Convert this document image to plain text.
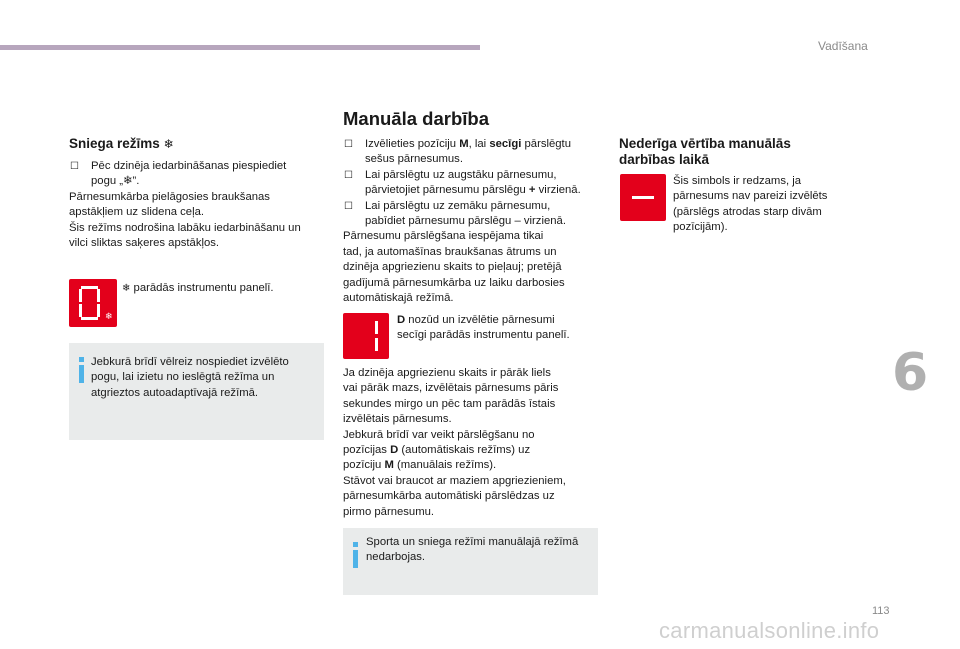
Vadīšana
Sniega režīms ❄
☐ Pēc dzinēja iedarbināšanas piespiediet

pogu „❄”.

Pārnesumkārba pielāgosies braukšanas

apstākļiem uz slidena ceļa.

Šis režīms nodrošina labāku iedarbināšanu un

vilci sliktas saķeres apstākļos.

❄
❄ parādās instrumentu panelī.

Jebkurā brīdī vēlreiz nospiediet izvēlēto

pogu, lai izietu no ieslēgtā režīma un

atgrieztos autoadaptīvajā režīmā.

Manuāla darbība
☐ Izvēlieties pozīciju M, lai secīgi pārslēgtu

sešus pārnesumus.

☐ Lai pārslēgtu uz augstāku pārnesumu,

pārvietojiet pārnesumu pārslēgu + virzienā.

☐ Lai pārslēgtu uz zemāku pārnesumu,

pabīdiet pārnesumu pārslēgu – virzienā.

Pārnesumu pārslēgšana iespējama tikai

tad, ja automašīnas braukšanas ātrums un

dzinēja apgriezienu skaits to pieļauj; pretējā

gadījumā pārnesumkārba uz laiku darbosies

automātiskajā režīmā.

D nozūd un izvēlētie pārnesumi

secīgi parādās instrumentu panelī.

Ja dzinēja apgriezienu skaits ir pārāk liels

vai pārāk mazs, izvēlētais pārnesums pāris

sekundes mirgo un pēc tam parādās īstais

izvēlētais pārnesums.

Jebkurā brīdī var veikt pārslēgšanu no

pozīcijas D (automātiskais režīms) uz

pozīciju M (manuālais režīms).

Stāvot vai braucot ar maziem apgriezieniem,

pārnesumkārba automātiski pārslēdzas uz

pirmo pārnesumu.

Sporta un sniega režīmi manuālajā režīmā

nedarbojas.

Nederīga vērtība manuālās

darbības laikā

Šis simbols ir redzams, ja

pārnesums nav pareizi izvēlēts

(pārslēgs atrodas starp divām

pozīcijām).

6
113
carmanualsonline.info
